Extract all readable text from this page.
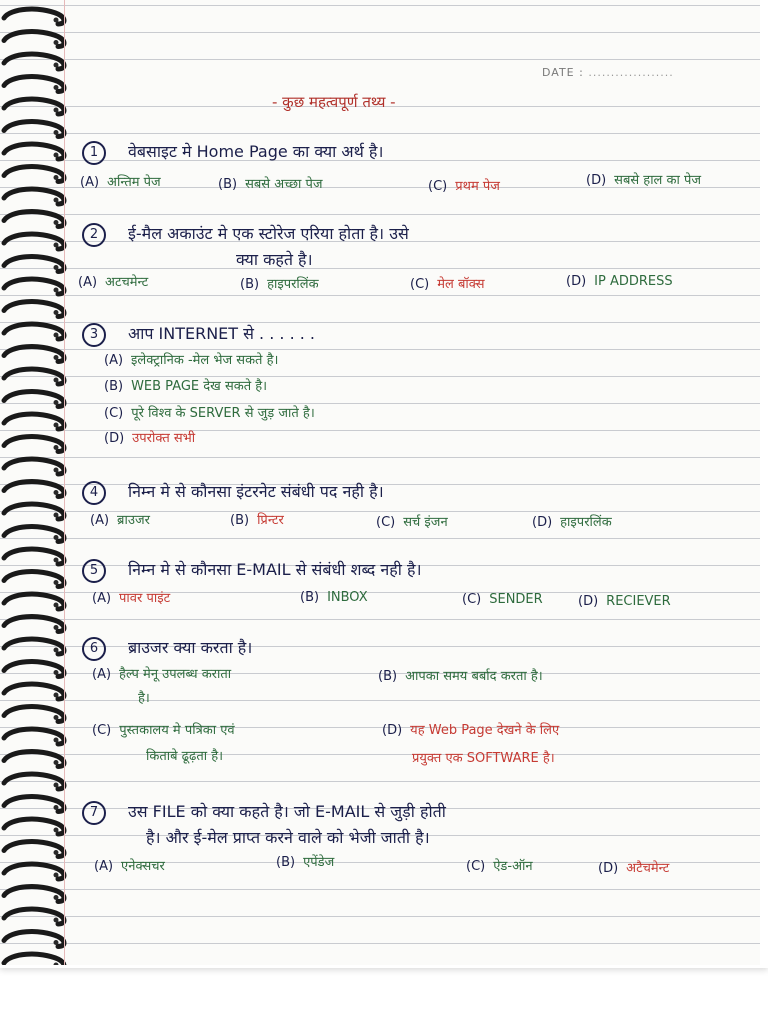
DATE : ...................
- कुछ महत्वपूर्ण तथ्य -
1 वेबसाइट मे Home Page का क्या अर्थ है।
(A) अन्तिम पेज	(B) सबसे अच्छा पेज	(C) प्रथम पेज	(D) सबसे हाल का पेज
2 ई-मैल अकाउंट मे एक स्टोरेज एरिया होता है। उसे
क्या कहते है।
(A) अटचमेन्ट	(B) हाइपरलिंक	(C) मेल बॉक्स	(D) IP ADDRESS
3 आप INTERNET से . . . . . .
(A) इलेक्ट्रानिक -मेल भेज सकते है।
(B) WEB PAGE देख सकते है।
(C) पूरे विश्व के SERVER से जुड़ जाते है।
(D) उपरोक्त सभी
4 निम्न मे से कौनसा इंटरनेट संबंधी पद नही है।
(A) ब्राउजर	(B) प्रिन्टर	(C) सर्च इंजन	(D) हाइपरलिंक
5 निम्न मे से कौनसा E-MAIL से संबंधी शब्द नही है।
(A) पावर पाइंट	(B) INBOX	(C) SENDER	(D) RECIEVER
6 ब्राउजर क्या करता है।
(A) हैल्प मेनू उपलब्ध कराता
है।
(B) आपका समय बर्बाद करता है।
(C) पुस्तकालय मे पत्रिका एवं
किताबे ढूढ़ता है।
(D) यह Web Page देखने के लिए
प्रयुक्त एक SOFTWARE है।
7 उस FILE को क्या कहते है। जो E-MAIL से जुड़ी होती
है। और ई-मेल प्राप्त करने वाले को भेजी जाती है।
(A) एनेक्सचर	(B) एपेंडेज	(C) ऐड-ऑन	(D) अटैचमेन्ट
